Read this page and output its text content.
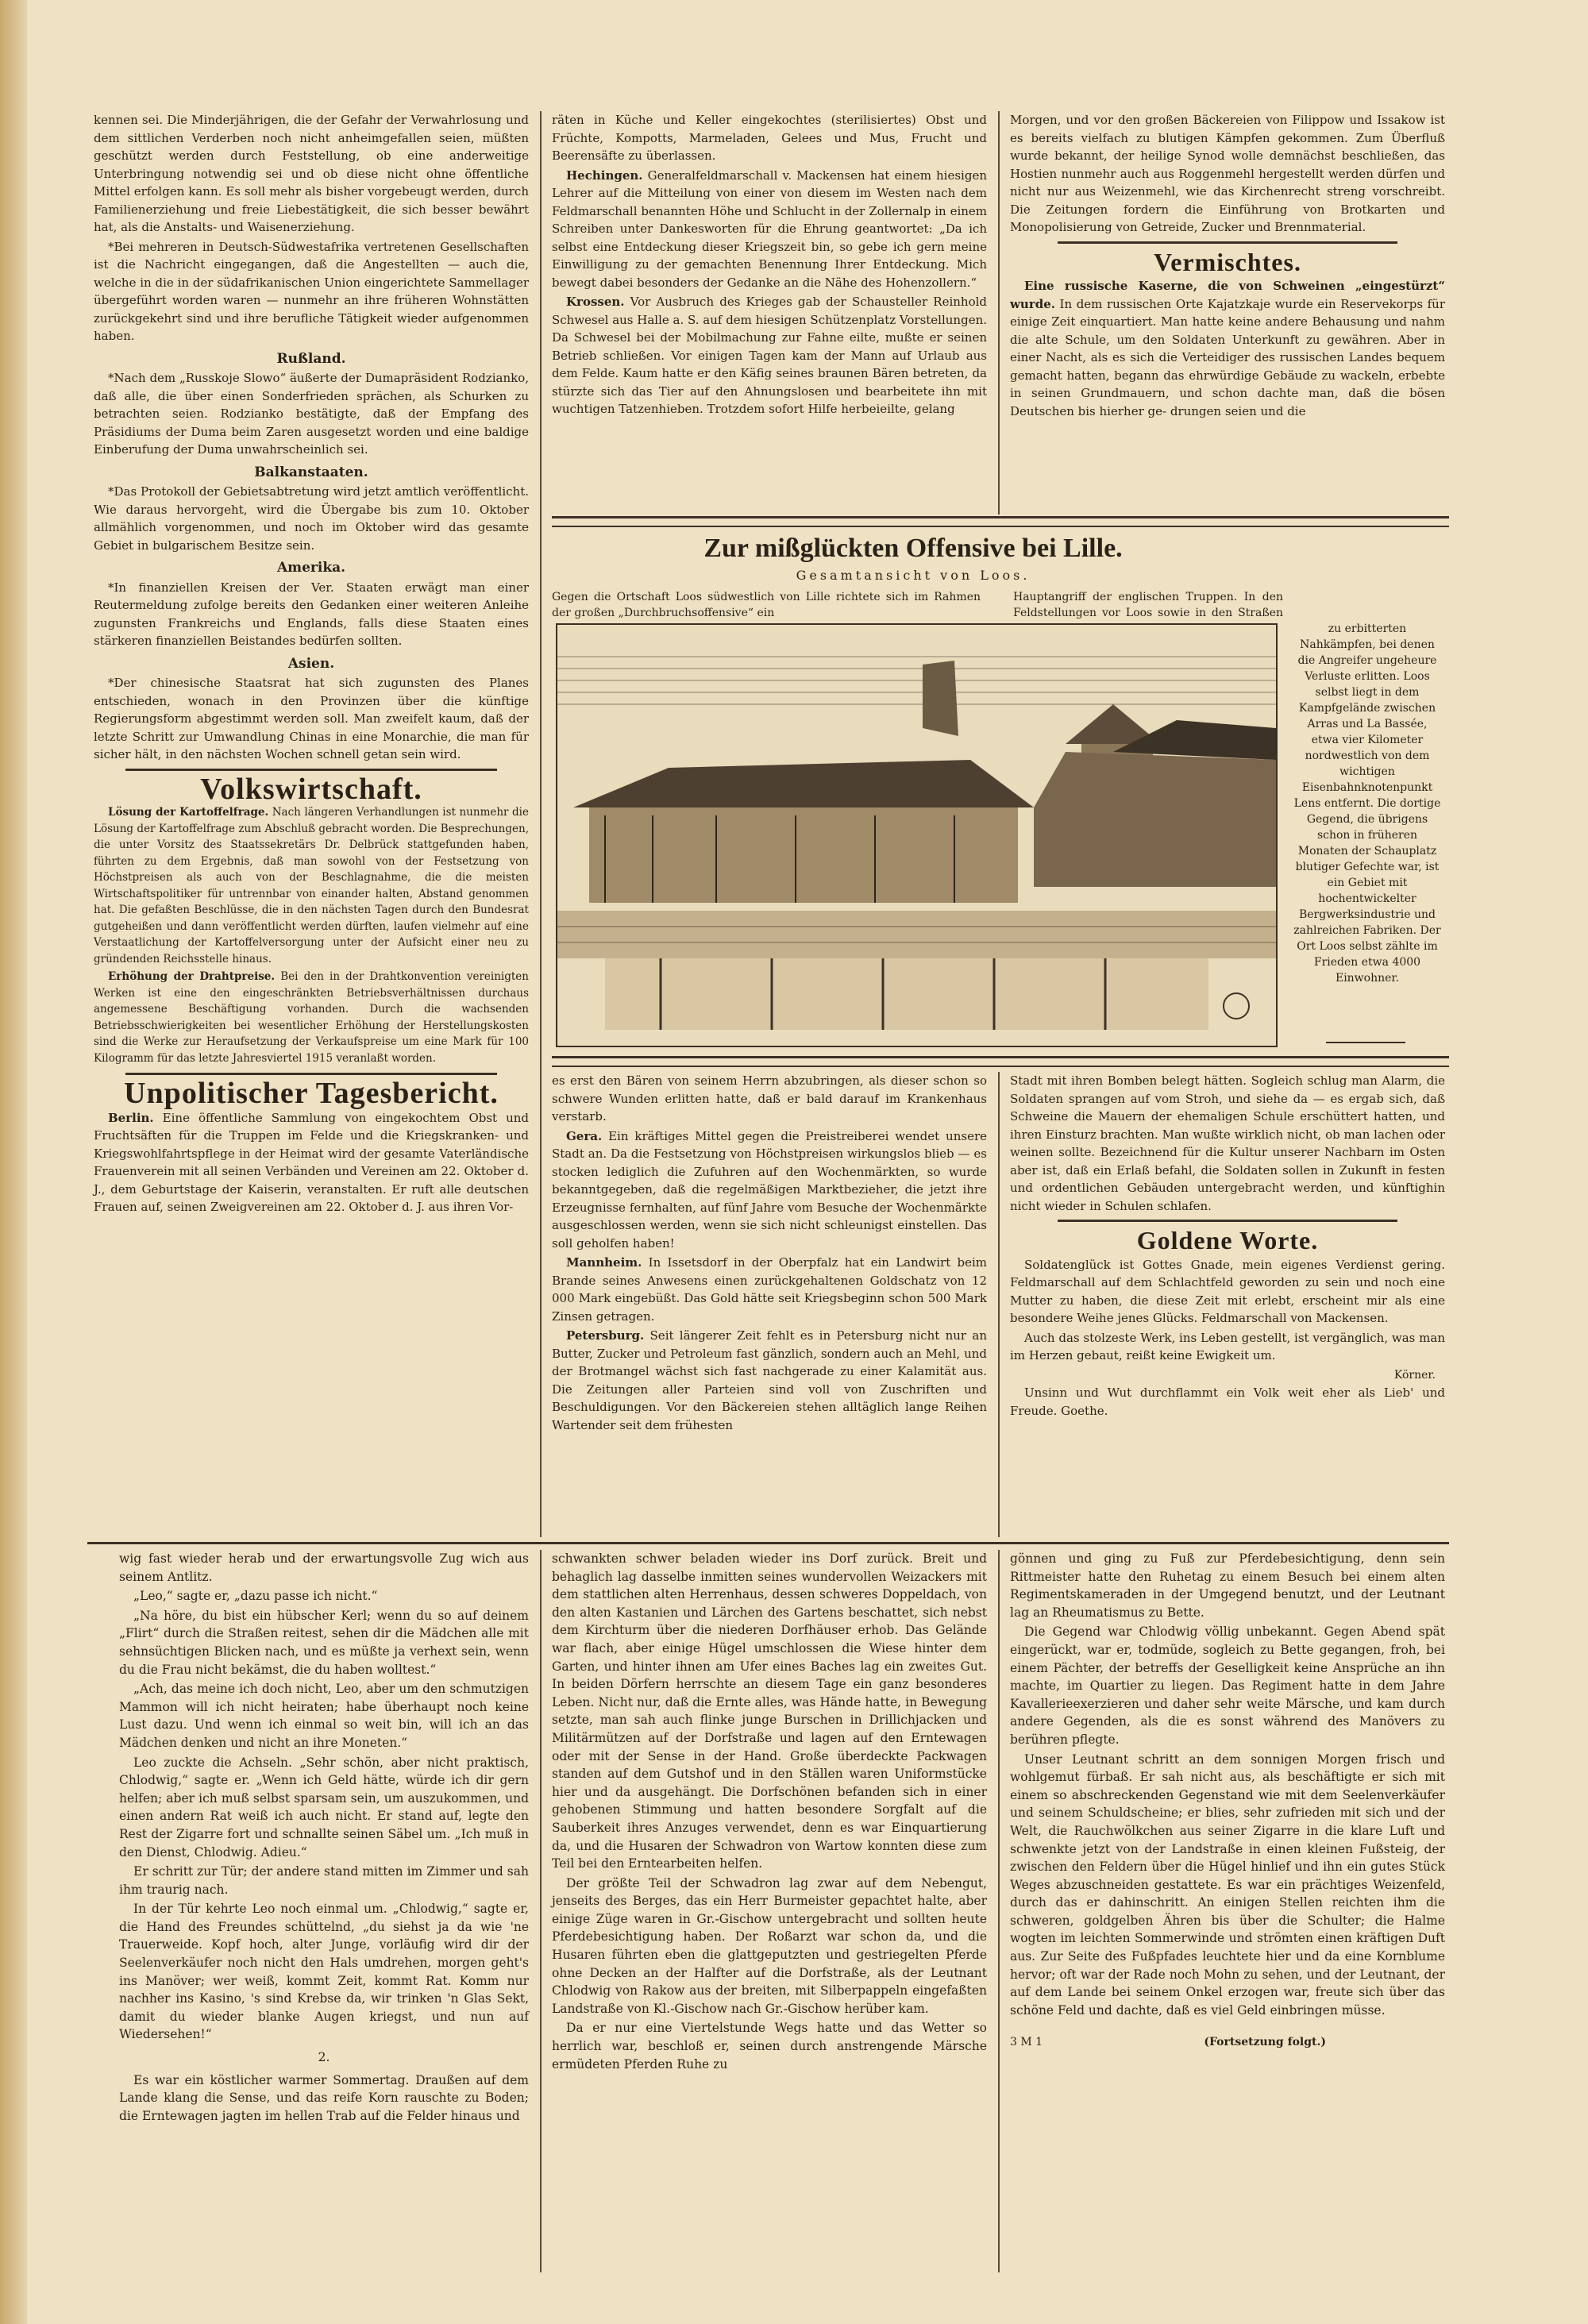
kennen sei. Die Minderjährigen, die der Gefahr der Verwahrlosung und dem sittlichen Verderben noch nicht anheimgefallen seien, müßten geschützt werden durch Feststellung, ob eine anderweitige Unterbringung notwendig sei und ob diese nicht ohne öffentliche Mittel erfolgen kann. Es soll mehr als bisher vorgebeugt werden, durch Familienerziehung und freie Liebestätigkeit, die sich besser bewährt hat, als die Anstalts- und Waisenerziehung.

*Bei mehreren in Deutsch-Südwestafrika vertretenen Gesellschaften ist die Nachricht eingegangen, daß die Angestellten — auch die, welche in die in der südafrikanischen Union eingerichtete Sammellager übergeführt worden waren — nunmehr an ihre früheren Wohnstätten zurückgekehrt sind und ihre berufliche Tätigkeit wieder aufgenommen haben.

Rußland.

*Nach dem „Russkoje Slowo“ äußerte der Dumapräsident Rodzianko, daß alle, die über einen Sonderfrieden sprächen, als Schurken zu betrachten seien. Rodzianko bestätigte, daß der Empfang des Präsidiums der Duma beim Zaren ausgesetzt worden und eine baldige Einberufung der Duma unwahrscheinlich sei.

Balkanstaaten.

*Das Protokoll der Gebietsabtretung wird jetzt amtlich veröffentlicht. Wie daraus hervorgeht, wird die Übergabe bis zum 10. Oktober allmählich vorgenommen, und noch im Oktober wird das gesamte Gebiet in bulgarischem Besitze sein.

Amerika.

*In finanziellen Kreisen der Ver. Staaten erwägt man einer Reutermeldung zufolge bereits den Gedanken einer weiteren Anleihe zugunsten Frankreichs und Englands, falls diese Staaten eines stärkeren finanziellen Beistandes bedürfen sollten.

Asien.

*Der chinesische Staatsrat hat sich zugunsten des Planes entschieden, wonach in den Provinzen über die künftige Regierungsform abgestimmt werden soll. Man zweifelt kaum, daß der letzte Schritt zur Umwandlung Chinas in eine Monarchie, die man für sicher hält, in den nächsten Wochen schnell getan sein wird.

Volkswirtschaft.

Lösung der Kartoffelfrage. Nach längeren Verhandlungen ist nunmehr die Lösung der Kartoffelfrage zum Abschluß gebracht worden. Die Besprechungen, die unter Vorsitz des Staatssekretärs Dr. Delbrück stattgefunden haben, führten zu dem Ergebnis, daß man sowohl von der Festsetzung von Höchstpreisen als auch von der Beschlagnahme, die die meisten Wirtschaftspolitiker für untrennbar von einander halten, Abstand genommen hat. Die gefaßten Beschlüsse, die in den nächsten Tagen durch den Bundesrat gutgeheißen und dann veröffentlicht werden dürften, laufen vielmehr auf eine Verstaatlichung der Kartoffelversorgung unter der Aufsicht einer neu zu gründenden Reichsstelle hinaus.

Erhöhung der Drahtpreise. Bei den in der Drahtkonvention vereinigten Werken ist eine den eingeschränkten Betriebsverhältnissen durchaus angemessene Beschäftigung vorhanden. Durch die wachsenden Betriebsschwierigkeiten bei wesentlicher Erhöhung der Herstellungskosten sind die Werke zur Heraufsetzung der Verkaufspreise um eine Mark für 100 Kilogramm für das letzte Jahresviertel 1915 veranlaßt worden.

Unpolitischer Tagesbericht.

Berlin. Eine öffentliche Sammlung von eingekochtem Obst und Fruchtsäften für die Truppen im Felde und die Kriegskranken- und Kriegswohlfahrtspflege in der Heimat wird der gesamte Vaterländische Frauenverein mit all seinen Verbänden und Vereinen am 22. Oktober d. J., dem Geburtstage der Kaiserin, veranstalten. Er ruft alle deutschen Frauen auf, seinen Zweigvereinen am 22. Oktober d. J. aus ihren Vor-

räten in Küche und Keller eingekochtes (sterilisiertes) Obst und Früchte, Kompotts, Marmeladen, Gelees und Mus, Frucht und Beerensäfte zu überlassen.

Hechingen. Generalfeldmarschall v. Mackensen hat einem hiesigen Lehrer auf die Mitteilung von einer von diesem im Westen nach dem Feldmarschall benannten Höhe und Schlucht in der Zollernalp in einem Schreiben unter Dankesworten für die Ehrung geantwortet: „Da ich selbst eine Entdeckung dieser Kriegszeit bin, so gebe ich gern meine Einwilligung zu der gemachten Benennung Ihrer Entdeckung. Mich bewegt dabei besonders der Gedanke an die Nähe des Hohenzollern.“

Krossen. Vor Ausbruch des Krieges gab der Schausteller Reinhold Schwesel aus Halle a. S. auf dem hiesigen Schützenplatz Vorstellungen. Da Schwesel bei der Mobilmachung zur Fahne eilte, mußte er seinen Betrieb schließen. Vor einigen Tagen kam der Mann auf Urlaub aus dem Felde. Kaum hatte er den Käfig seines braunen Bären betreten, da stürzte sich das Tier auf den Ahnungslosen und bearbeitete ihn mit wuchtigen Tatzenhieben. Trotzdem sofort Hilfe herbeieilte, gelang

Morgen, und vor den großen Bäckereien von Filippow und Issakow ist es bereits vielfach zu blutigen Kämpfen gekommen. Zum Überfluß wurde bekannt, der heilige Synod wolle demnächst beschließen, das Hostien nunmehr auch aus Roggenmehl hergestellt werden dürfen und nicht nur aus Weizenmehl, wie das Kirchenrecht streng vorschreibt. Die Zeitungen fordern die Einführung von Brotkarten und Monopolisierung von Getreide, Zucker und Brennmaterial.

Vermischtes.

Eine russische Kaserne, die von Schweinen „eingestürzt“ wurde. In dem russischen Orte Kajatzkaje wurde ein Reservekorps für einige Zeit einquartiert. Man hatte keine andere Behausung und nahm die alte Schule, um den Soldaten Unterkunft zu gewähren. Aber in einer Nacht, als es sich die Verteidiger des russischen Landes bequem gemacht hatten, begann das ehrwürdige Gebäude zu wackeln, erbebte in seinen Grundmauern, und schon dachte man, daß die bösen Deutschen bis hierher ge- drungen seien und die

Zur mißglückten Offensive bei Lille.
Gesamtansicht von Loos.
Gegen die Ortschaft Loos südwestlich von Lille richtete sich im Rahmen der großen „Durchbruchsoffensive“ ein
Hauptangriff der englischen Truppen. In den Feldstellungen vor Loos sowie in den Straßen
zu erbitterten Nahkämpfen, bei denen die Angreifer ungeheure Verluste erlitten. Loos selbst liegt in dem Kampfgelände zwischen Arras und La Bassée, etwa vier Kilometer nordwestlich von dem wichtigen Eisenbahnknotenpunkt Lens entfernt. Die dortige Gegend, die übrigens schon in früheren Monaten der Schauplatz blutiger Gefechte war, ist ein Gebiet mit hochentwickelter Bergwerksindustrie und zahlreichen Fabriken. Der Ort Loos selbst zählte im Frieden etwa 4000 Einwohner.

es erst den Bären von seinem Herrn abzubringen, als dieser schon so schwere Wunden erlitten hatte, daß er bald darauf im Krankenhaus verstarb.

Gera. Ein kräftiges Mittel gegen die Preistreiberei wendet unsere Stadt an. Da die Festsetzung von Höchstpreisen wirkungslos blieb — es stocken lediglich die Zufuhren auf den Wochenmärkten, so wurde bekanntgegeben, daß die regelmäßigen Marktbezieher, die jetzt ihre Erzeugnisse fernhalten, auf fünf Jahre vom Besuche der Wochenmärkte ausgeschlossen werden, wenn sie sich nicht schleunigst einstellen. Das soll geholfen haben!

Mannheim. In Issetsdorf in der Oberpfalz hat ein Landwirt beim Brande seines Anwesens einen zurückgehaltenen Goldschatz von 12 000 Mark eingebüßt. Das Gold hätte seit Kriegsbeginn schon 500 Mark Zinsen getragen.

Petersburg. Seit längerer Zeit fehlt es in Petersburg nicht nur an Butter, Zucker und Petroleum fast gänzlich, sondern auch an Mehl, und der Brotmangel wächst sich fast nachgerade zu einer Kalamität aus. Die Zeitungen aller Parteien sind voll von Zuschriften und Beschuldigungen. Vor den Bäckereien stehen alltäglich lange Reihen Wartender seit dem frühesten

Stadt mit ihren Bomben belegt hätten. Sogleich schlug man Alarm, die Soldaten sprangen auf vom Stroh, und siehe da — es ergab sich, daß Schweine die Mauern der ehemaligen Schule erschüttert hatten, und ihren Einsturz brachten. Man wußte wirklich nicht, ob man lachen oder weinen sollte. Bezeichnend für die Kultur unserer Nachbarn im Osten aber ist, daß ein Erlaß befahl, die Soldaten sollen in Zukunft in festen und ordentlichen Gebäuden untergebracht werden, und künftighin nicht wieder in Schulen schlafen.

Goldene Worte.

Soldatenglück ist Gottes Gnade, mein eigenes Verdienst gering. Feldmarschall auf dem Schlachtfeld geworden zu sein und noch eine Mutter zu haben, die diese Zeit mit erlebt, erscheint mir als eine besondere Weihe jenes Glücks. Feldmarschall von Mackensen.

Auch das stolzeste Werk, ins Leben gestellt, ist vergänglich, was man im Herzen gebaut, reißt keine Ewigkeit um.

Körner.

Unsinn und Wut durchflammt ein Volk weit eher als Lieb' und Freude. Goethe.

wig fast wieder herab und der erwartungsvolle Zug wich aus seinem Antlitz.

„Leo,“ sagte er, „dazu passe ich nicht.“

„Na höre, du bist ein hübscher Kerl; wenn du so auf deinem „Flirt“ durch die Straßen reitest, sehen dir die Mädchen alle mit sehnsüchtigen Blicken nach, und es müßte ja verhext sein, wenn du die Frau nicht bekämst, die du haben wolltest.“

„Ach, das meine ich doch nicht, Leo, aber um den schmutzigen Mammon will ich nicht heiraten; habe überhaupt noch keine Lust dazu. Und wenn ich einmal so weit bin, will ich an das Mädchen denken und nicht an ihre Moneten.“

Leo zuckte die Achseln. „Sehr schön, aber nicht praktisch, Chlodwig,“ sagte er. „Wenn ich Geld hätte, würde ich dir gern helfen; aber ich muß selbst sparsam sein, um auszukommen, und einen andern Rat weiß ich auch nicht. Er stand auf, legte den Rest der Zigarre fort und schnallte seinen Säbel um. „Ich muß in den Dienst, Chlodwig. Adieu.“

Er schritt zur Tür; der andere stand mitten im Zimmer und sah ihm traurig nach.

In der Tür kehrte Leo noch einmal um. „Chlodwig,“ sagte er, die Hand des Freundes schüttelnd, „du siehst ja da wie 'ne Trauerweide. Kopf hoch, alter Junge, vorläufig wird dir der Seelenverkäufer noch nicht den Hals umdrehen, morgen geht's ins Manöver; wer weiß, kommt Zeit, kommt Rat. Komm nur nachher ins Kasino, 's sind Krebse da, wir trinken 'n Glas Sekt, damit du wieder blanke Augen kriegst, und nun auf Wiedersehen!“

2.

Es war ein köstlicher warmer Sommertag. Draußen auf dem Lande klang die Sense, und das reife Korn rauschte zu Boden; die Erntewagen jagten im hellen Trab auf die Felder hinaus und

schwankten schwer beladen wieder ins Dorf zurück. Breit und behaglich lag dasselbe inmitten seines wundervollen Weizackers mit dem stattlichen alten Herrenhaus, dessen schweres Doppeldach, von den alten Kastanien und Lärchen des Gartens beschattet, sich nebst dem Kirchturm über die niederen Dorfhäuser erhob. Das Gelände war flach, aber einige Hügel umschlossen die Wiese hinter dem Garten, und hinter ihnen am Ufer eines Baches lag ein zweites Gut. In beiden Dörfern herrschte an diesem Tage ein ganz besonderes Leben. Nicht nur, daß die Ernte alles, was Hände hatte, in Bewegung setzte, man sah auch flinke junge Burschen in Drillichjacken und Militärmützen auf der Dorfstraße und lagen auf den Erntewagen oder mit der Sense in der Hand. Große überdeckte Packwagen standen auf dem Gutshof und in den Ställen waren Uniformstücke hier und da ausgehängt. Die Dorfschönen befanden sich in einer gehobenen Stimmung und hatten besondere Sorgfalt auf die Sauberkeit ihres Anzuges verwendet, denn es war Einquartierung da, und die Husaren der Schwadron von Wartow konnten diese zum Teil bei den Erntearbeiten helfen.

Der größte Teil der Schwadron lag zwar auf dem Nebengut, jenseits des Berges, das ein Herr Burmeister gepachtet halte, aber einige Züge waren in Gr.-Gischow untergebracht und sollten heute Pferdebesichtigung haben. Der Roßarzt war schon da, und die Husaren führten eben die glattgeputzten und gestriegelten Pferde ohne Decken an der Halfter auf die Dorfstraße, als der Leutnant Chlodwig von Rakow aus der breiten, mit Silberpappeln eingefaßten Landstraße von Kl.-Gischow nach Gr.-Gischow herüber kam.

Da er nur eine Viertelstunde Wegs hatte und das Wetter so herrlich war, beschloß er, seinen durch anstrengende Märsche ermüdeten Pferden Ruhe zu

gönnen und ging zu Fuß zur Pferdebesichtigung, denn sein Rittmeister hatte den Ruhetag zu einem Besuch bei einem alten Regimentskameraden in der Umgegend benutzt, und der Leutnant lag an Rheumatismus zu Bette.

Die Gegend war Chlodwig völlig unbekannt. Gegen Abend spät eingerückt, war er, todmüde, sogleich zu Bette gegangen, froh, bei einem Pächter, der betreffs der Geselligkeit keine Ansprüche an ihn machte, im Quartier zu liegen. Das Regiment hatte in dem Jahre Kavallerieexerzieren und daher sehr weite Märsche, und kam durch andere Gegenden, als die es sonst während des Manövers zu berühren pflegte.

Unser Leutnant schritt an dem sonnigen Morgen frisch und wohlgemut fürbaß. Er sah nicht aus, als beschäftigte er sich mit einem so abschreckenden Gegenstand wie mit dem Seelenverkäufer und seinem Schuldscheine; er blies, sehr zufrieden mit sich und der Welt, die Rauchwölkchen aus seiner Zigarre in die klare Luft und schwenkte jetzt von der Landstraße in einen kleinen Fußsteig, der zwischen den Feldern über die Hügel hinlief und ihn ein gutes Stück Weges abzuschneiden gestattete. Es war ein prächtiges Weizenfeld, durch das er dahinschritt. An einigen Stellen reichten ihm die schweren, goldgelben Ähren bis über die Schulter; die Halme wogten im leichten Sommerwinde und strömten einen kräftigen Duft aus. Zur Seite des Fußpfades leuchtete hier und da eine Kornblume hervor; oft war der Rade noch Mohn zu sehen, und der Leutnant, der auf dem Lande bei seinem Onkel erzogen war, freute sich über das schöne Feld und dachte, daß es viel Geld einbringen müsse.

3 M 1	(Fortsetzung folgt.)
